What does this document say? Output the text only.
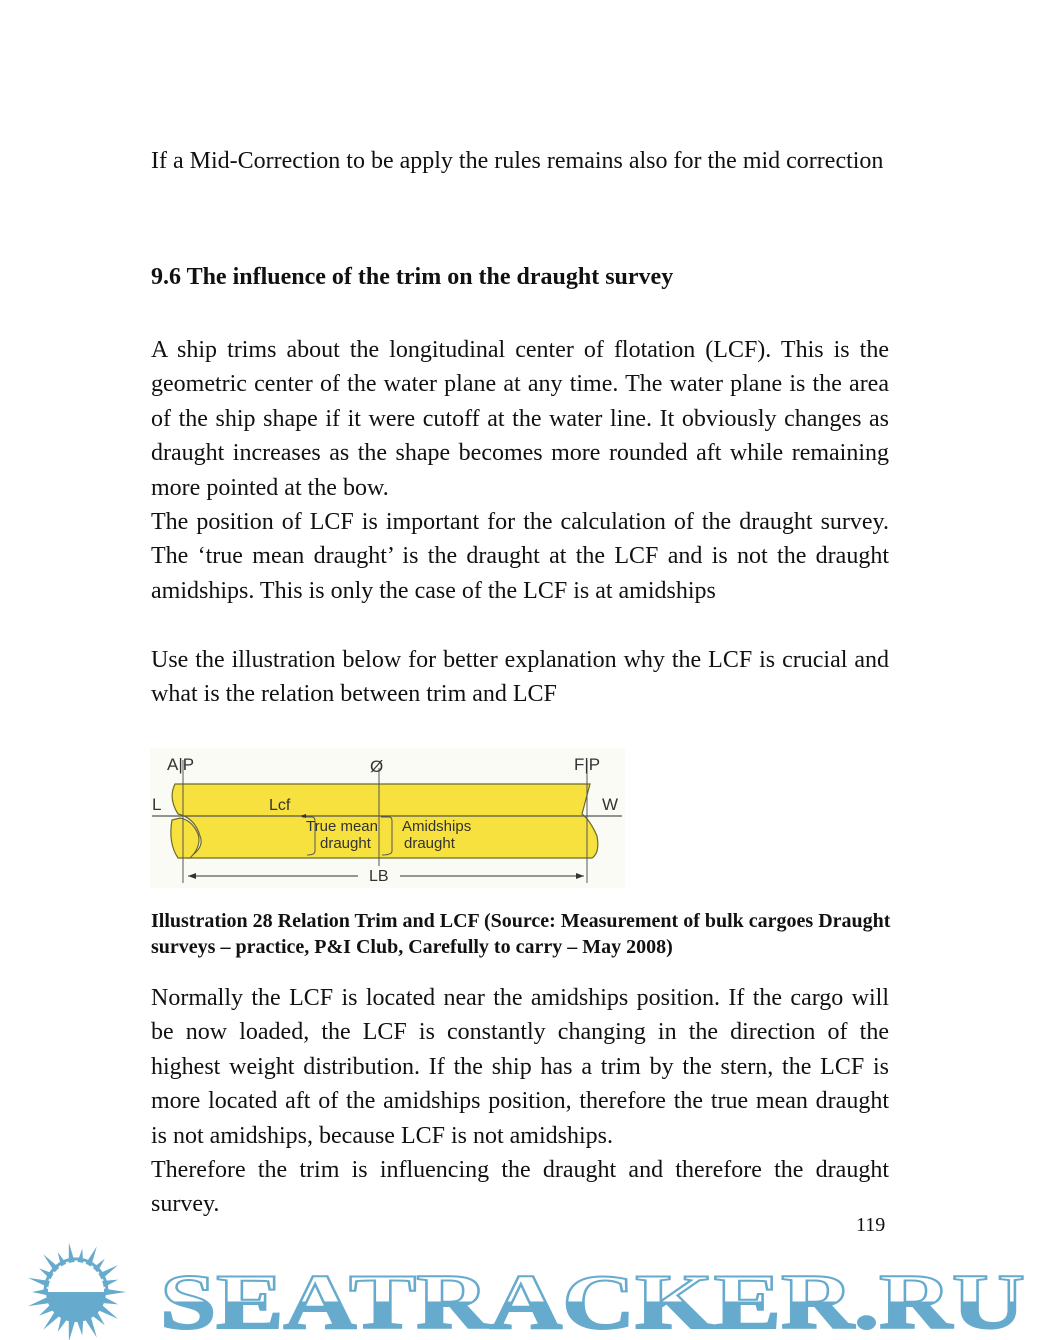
If a Mid-Correction to be apply the rules remains also for the mid correction

9.6 The influence of the trim on the draught survey

A ship trims about the longitudinal center of flotation (LCF). This is the geometric center of the water plane at any time. The water plane is the area of the ship shape if it were cutoff at the water line. It obviously changes as draught increases as the shape becomes more rounded aft while remaining more pointed at the bow.

The position of LCF is important for the calculation of the draught survey. The ‘true mean draught’ is the draught at the LCF and is not the draught amidships. This is only the case of the LCF is at amidships

Use the illustration below for better explanation why the LCF is crucial and what is the relation between trim and LCF

A|P	F|P
Ø
L	W
Lcf
True mean
draught
Amidships
draught
LB
Illustration 28 Relation Trim and LCF (Source: Measurement of bulk cargoes Draught surveys – practice, P&I Club, Carefully to carry – May 2008)

Normally the LCF is located near the amidships position. If the cargo will be now loaded, the LCF is constantly changing in the direction of the highest weight distribution. If the ship has a trim by the stern, the LCF is more located aft of the amidships position, therefore the true mean draught is not amidships, because LCF is not amidships.

Therefore the trim is influencing the draught and therefore the draught survey.

SEATRACKER.RU
119
